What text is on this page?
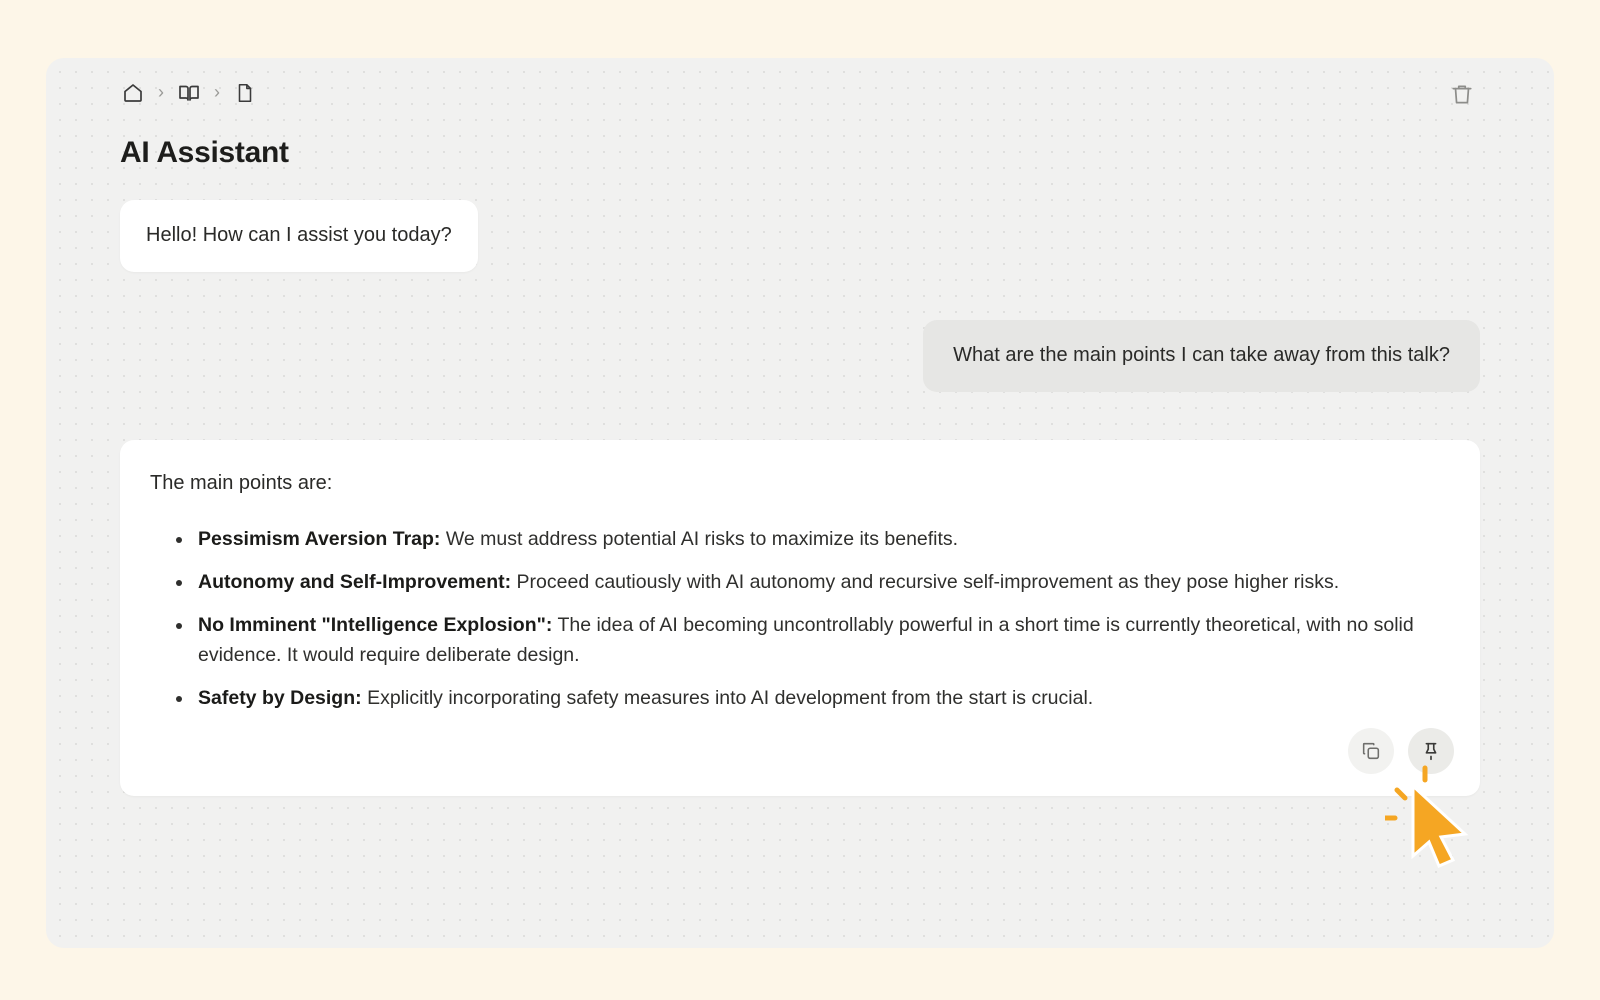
›	›
AI Assistant
Hello! How can I assist you today?
What are the main points I can take away from this talk?
The main points are:
• Pessimism Aversion Trap: We must address potential AI risks to maximize its benefits.
• Autonomy and Self-Improvement: Proceed cautiously with AI autonomy and recursive self-improvement as they pose higher risks.
• No Imminent "Intelligence Explosion": The idea of AI becoming uncontrollably powerful in a short time is currently theoretical, with no solid evidence. It would require deliberate design.
• Safety by Design: Explicitly incorporating safety measures into AI development from the start is crucial.
